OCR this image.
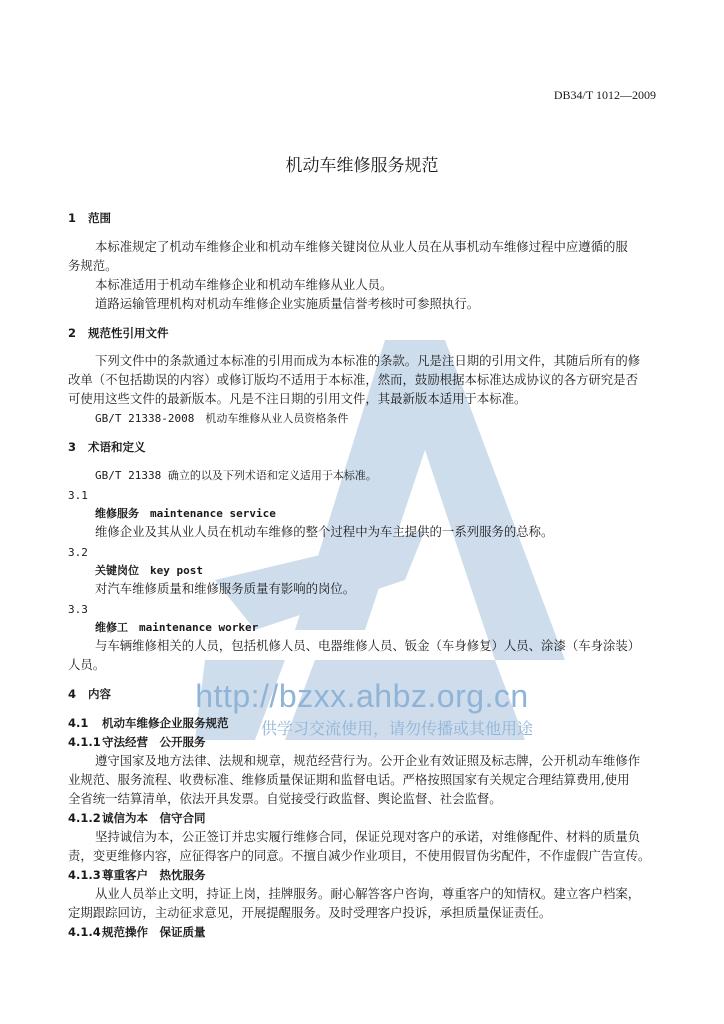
DB34/T 1012—2009
机动车维修服务规范
1 范围
本标准规定了机动车维修企业和机动车维修关键岗位从业人员在从事机动车维修过程中应遵循的服
务规范。
本标准适用于机动车维修企业和机动车维修从业人员。
道路运输管理机构对机动车维修企业实施质量信誉考核时可参照执行。
2 规范性引用文件
下列文件中的条款通过本标准的引用而成为本标准的条款。凡是注日期的引用文件，其随后所有的修
改单（不包括勘误的内容）或修订版均不适用于本标准，然而，鼓励根据本标准达成协议的各方研究是否
可使用这些文件的最新版本。凡是不注日期的引用文件，其最新版本适用于本标准。
GB/T 21338-2008　机动车维修从业人员资格条件
3 术语和定义
GB/T 21338 确立的以及下列术语和定义适用于本标准。
3.1
维修服务　maintenance service
维修企业及其从业人员在机动车维修的整个过程中为车主提供的一系列服务的总称。
3.2
关键岗位　key post
对汽车维修质量和维修服务质量有影响的岗位。
3.3
维修工　maintenance worker
与车辆维修相关的人员，包括机修人员、电器维修人员、钣金（车身修复）人员、涂漆（车身涂装）
人员。
4 内容
4.1 机动车维修企业服务规范
4.1.1守法经营　公开服务
遵守国家及地方法律、法规和规章，规范经营行为。公开企业有效证照及标志牌，公开机动车维修作
业规范、服务流程、收费标准、维修质量保证期和监督电话。严格按照国家有关规定合理结算费用,使用
全省统一结算清单，依法开具发票。自觉接受行政监督、舆论监督、社会监督。
4.1.2诚信为本　信守合同
坚持诚信为本，公正签订并忠实履行维修合同，保证兑现对客户的承诺，对维修配件、材料的质量负
责，变更维修内容，应征得客户的同意。不擅自减少作业项目，不使用假冒伪劣配件，不作虚假广告宣传。
4.1.3尊重客户　热忱服务
从业人员举止文明，持证上岗，挂牌服务。耐心解答客户咨询，尊重客户的知情权。建立客户档案，
定期跟踪回访，主动征求意见，开展提醒服务。及时受理客户投诉，承担质量保证责任。
4.1.4规范操作　保证质量
http://bzxx.ahbz.org.cn
供学习交流使用，请勿传播或其他用途
